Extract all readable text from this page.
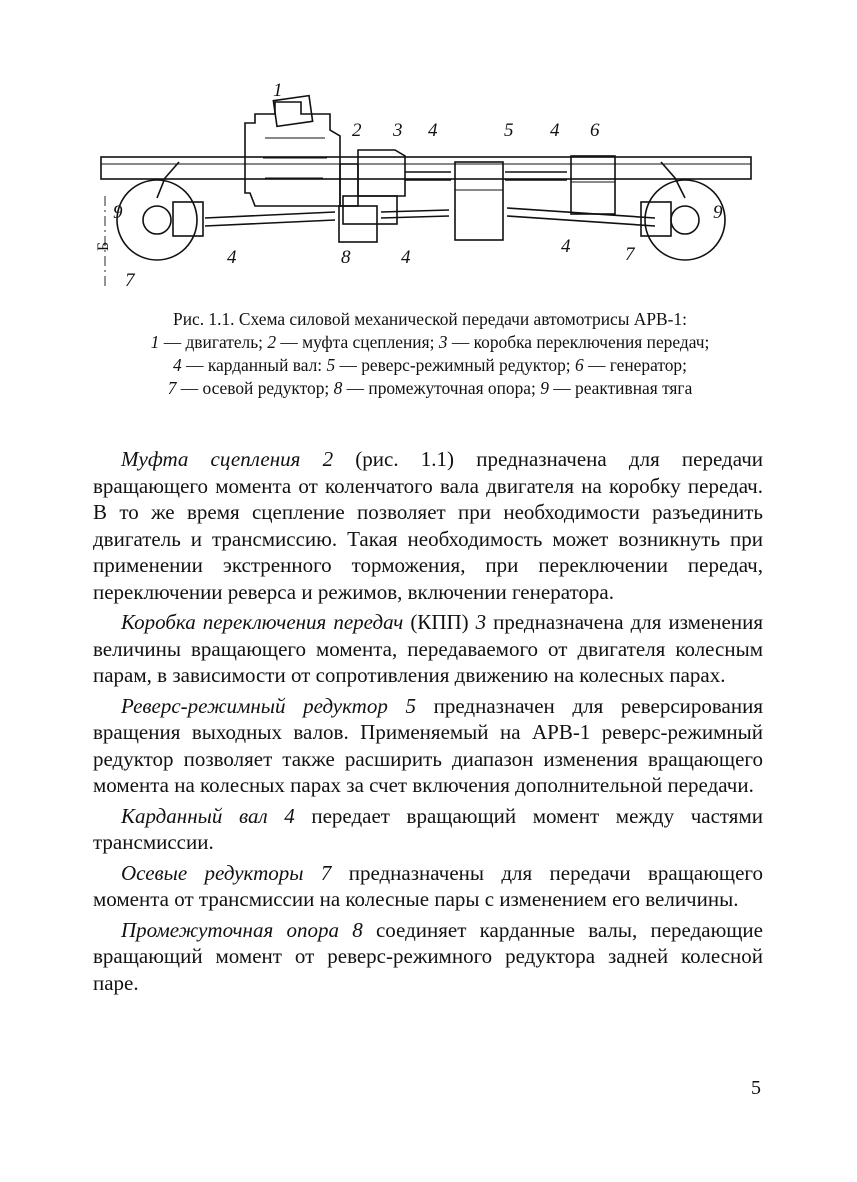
1
2 3 4	5 4 6
9	9
7
4	8	4
4	7
Б
Рис. 1.1. Схема силовой механической передачи автомотрисы АРВ-1:
1 — двигатель; 2 — муфта сцепления; 3 — коробка переключения передач;
4 — карданный вал: 5 — реверс-режимный редуктор; 6 — генератор;
7 — осевой редуктор; 8 — промежуточная опора; 9 — реактивная тяга

Муфта сцепления 2 (рис. 1.1) предназначена для передачи вращающего момента от коленчатого вала двигателя на коробку передач. В то же время сцепление позволяет при необходимости разъединить двигатель и трансмиссию. Такая необходимость может возникнуть при применении экстренного торможения, при переключении передач, переключении реверса и режимов, включении генератора.

Коробка переключения передач (КПП) 3 предназначена для изменения величины вращающего момента, передаваемого от двигателя колесным парам, в зависимости от сопротивления движению на колесных парах.

Реверс-режимный редуктор 5 предназначен для реверсирования вращения выходных валов. Применяемый на АРВ-1 реверс-режимный редуктор позволяет также расширить диапазон изменения вращающего момента на колесных парах за счет включения дополнительной передачи.

Карданный вал 4 передает вращающий момент между частями трансмиссии.

Осевые редукторы 7 предназначены для передачи вращающего момента от трансмиссии на колесные пары с изменением его величины.

Промежуточная опора 8 соединяет карданные валы, передающие вращающий момент от реверс-режимного редуктора задней колесной паре.

5
